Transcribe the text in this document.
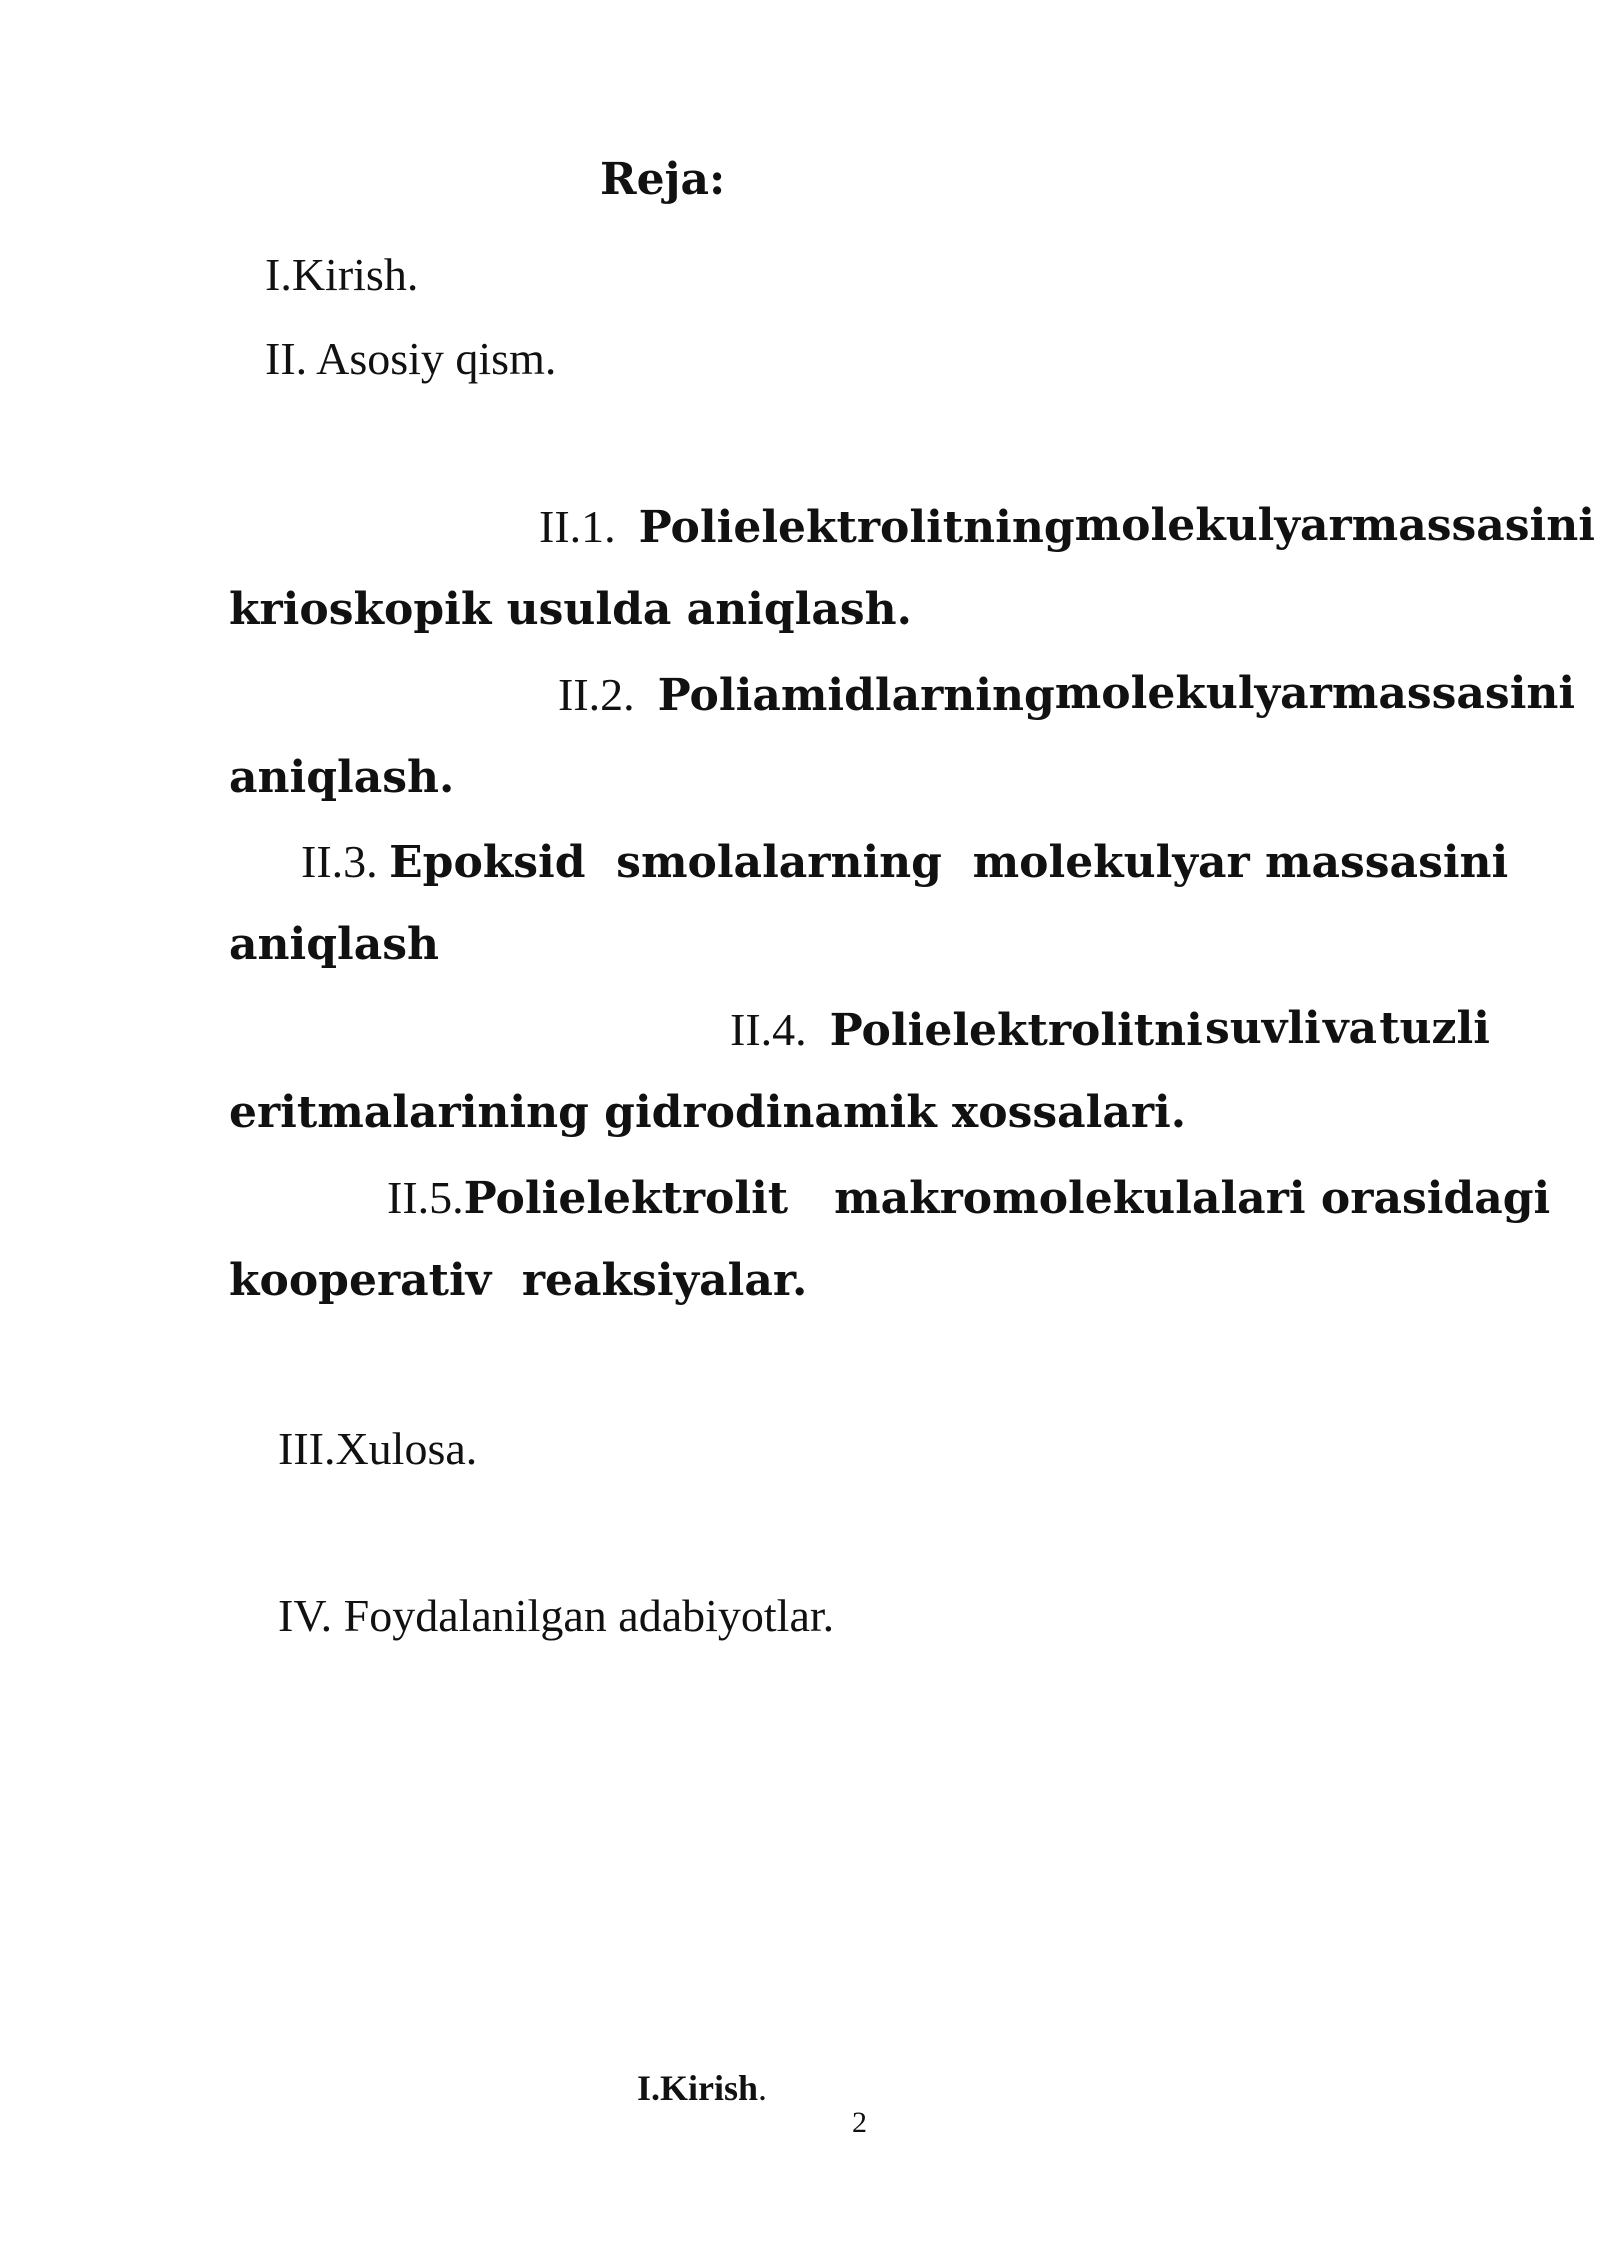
Reja:
I.Kirish.
II. Asosiy qism.
II.1. Polielektrolitning molekulyar massasini
krioskopik usulda aniqlash.
II.2. Poliamidlarning molekulyar massasini
aniqlash.
II.3. Epoksid  smolalarning  molekulyar massasini
aniqlash
II.4. Polielektrolitni suvli va tuzli
eritmalarining gidrodinamik xossalari.
II.5.Polielektrolit   makromolekulalari orasidagi
kooperativ  reaksiyalar.
III.Xulosa.
IV. Foydalanilgan adabiyotlar.
I.Kirish.
2
